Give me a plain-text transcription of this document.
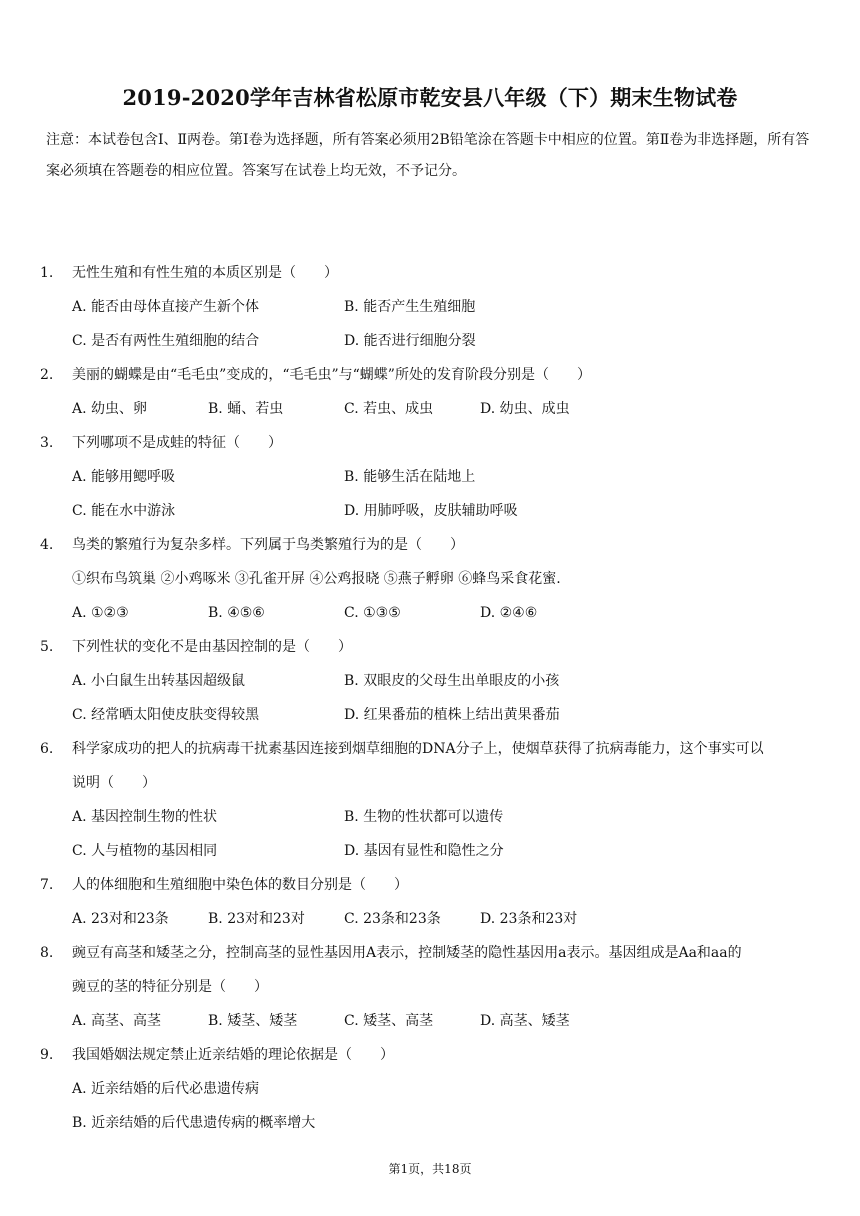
2019-2020学年吉林省松原市乾安县八年级（下）期末生物试卷
注意：本试卷包含Ⅰ、Ⅱ两卷。第Ⅰ卷为选择题，所有答案必须用2B铅笔涂在答题卡中相应的位置。第Ⅱ卷为非选择题，所有答案必须填在答题卷的相应位置。答案写在试卷上均无效，不予记分。
1.	无性生殖和有性生殖的本质区别是（　　）
A. 能否由母体直接产生新个体	B. 能否产生生殖细胞
C. 是否有两性生殖细胞的结合	D. 能否进行细胞分裂
2.	美丽的蝴蝶是由“毛毛虫”变成的，“毛毛虫”与“蝴蝶”所处的发育阶段分别是（　　）
A. 幼虫、卵	B. 蛹、若虫	C. 若虫、成虫	D. 幼虫、成虫
3.	下列哪项不是成蛙的特征（　　）
A. 能够用鳃呼吸	B. 能够生活在陆地上
C. 能在水中游泳	D. 用肺呼吸，皮肤辅助呼吸
4.	鸟类的繁殖行为复杂多样。下列属于鸟类繁殖行为的是（　　）
①织布鸟筑巢 ②小鸡啄米 ③孔雀开屏 ④公鸡报晓 ⑤燕子孵卵 ⑥蜂鸟采食花蜜.
A. ①②③	B. ④⑤⑥	C. ①③⑤	D. ②④⑥
5.	下列性状的变化不是由基因控制的是（　　）
A. 小白鼠生出转基因超级鼠	B. 双眼皮的父母生出单眼皮的小孩
C. 经常晒太阳使皮肤变得较黑	D. 红果番茄的植株上结出黄果番茄
6.	科学家成功的把人的抗病毒干扰素基因连接到烟草细胞的DNA分子上，使烟草获得了抗病毒能力，这个事实可以
说明（　　）
A. 基因控制生物的性状	B. 生物的性状都可以遗传
C. 人与植物的基因相同	D. 基因有显性和隐性之分
7.	人的体细胞和生殖细胞中染色体的数目分别是（　　）
A. 23对和23条	B. 23对和23对	C. 23条和23条	D. 23条和23对
8.	豌豆有高茎和矮茎之分，控制高茎的显性基因用A表示，控制矮茎的隐性基因用a表示。基因组成是Aa和aa的
豌豆的茎的特征分别是（　　）
A. 高茎、高茎	B. 矮茎、矮茎	C. 矮茎、高茎	D. 高茎、矮茎
9.	我国婚姻法规定禁止近亲结婚的理论依据是（　　）
A. 近亲结婚的后代必患遗传病
B. 近亲结婚的后代患遗传病的概率增大
第1页，共18页
